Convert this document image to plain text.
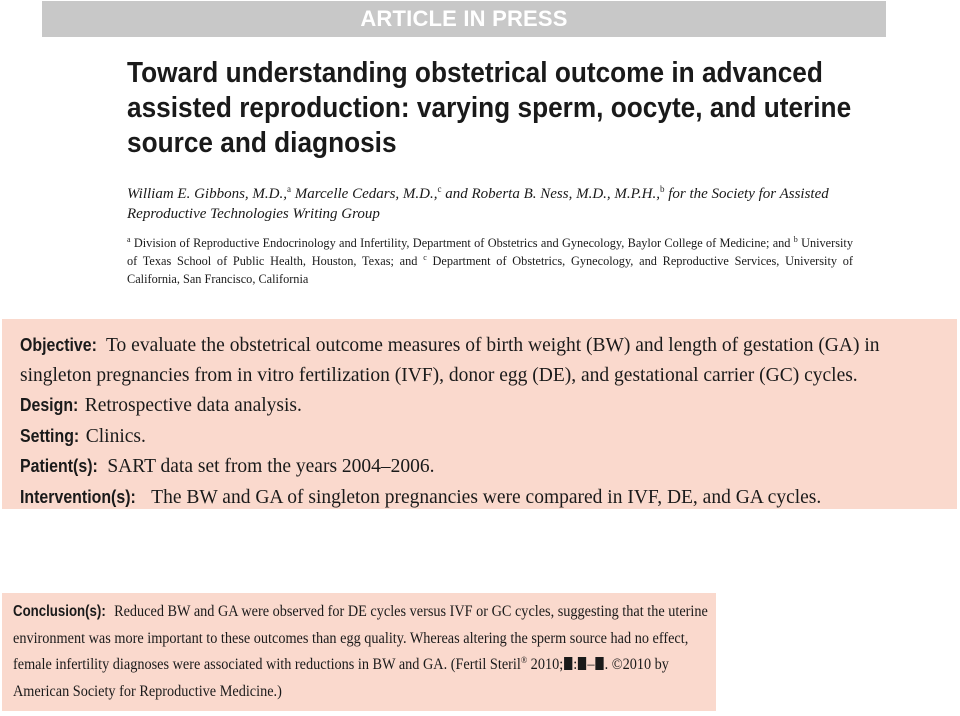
ARTICLE IN PRESS
Toward understanding obstetrical outcome in advanced assisted reproduction: varying sperm, oocyte, and uterine source and diagnosis
William E. Gibbons, M.D.,$^a$ Marcelle Cedars, M.D.,$^c$ and Roberta B. Ness, M.D., M.P.H.,$^b$ for the Society for Assisted Reproductive Technologies Writing Group
$^a$ Division of Reproductive Endocrinology and Infertility, Department of Obstetrics and Gynecology, Baylor College of Medicine; and $^b$ University of Texas School of Public Health, Houston, Texas; and $^c$ Department of Obstetrics, Gynecology, and Reproductive Services, University of California, San Francisco, California

Objective: To evaluate the obstetrical outcome measures of birth weight (BW) and length of gestation (GA) in singleton pregnancies from in vitro fertilization (IVF), donor egg (DE), and gestational carrier (GC) cycles.

Design: Retrospective data analysis.

Setting: Clinics.

Patient(s): SART data set from the years 2004–2006.

Intervention(s): The BW and GA of singleton pregnancies were compared in IVF, DE, and GA cycles.

Conclusion(s): Reduced BW and GA were observed for DE cycles versus IVF or GC cycles, suggesting that the uterine environment was more important to these outcomes than egg quality. Whereas altering the sperm source had no effect, female infertility diagnoses were associated with reductions in BW and GA. (Fertil Steril® 2010; : – . ©2010 by American Society for Reproductive Medicine.)
